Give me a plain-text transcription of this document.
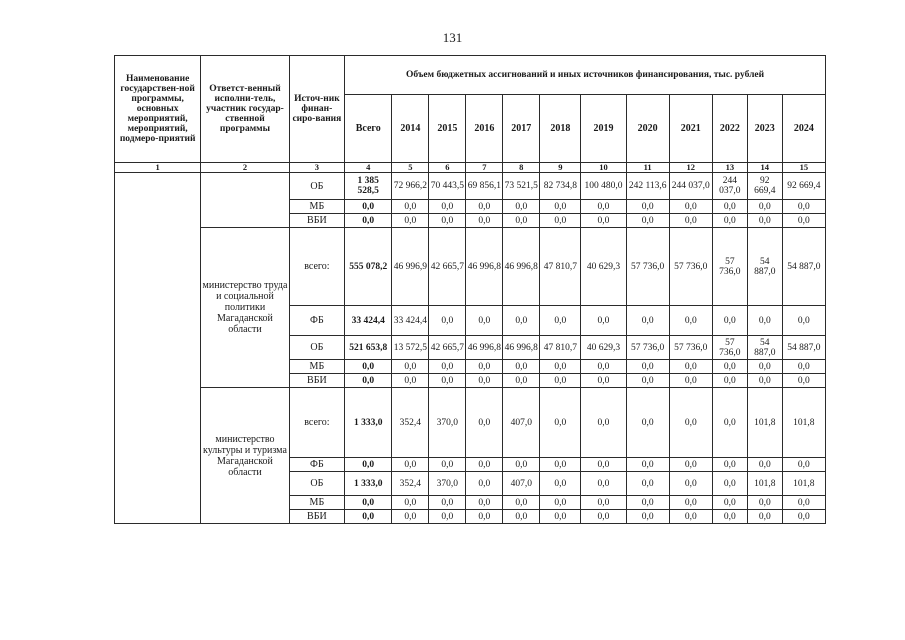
131
Наименование государствен-ной программы, основных мероприятий, мероприятий, подмеро-приятий	Ответст-венный исполни-тель, участник государ-ственной программы	Источ-ник финан-сиро-вания	Объем бюджетных ассигнований и иных источников финансирования, тыс. рублей											
			Всего	2014	2015	2016	2017	2018	2019	2020	2021	2022	2023	2024
1	2	3	4	5	6	7	8	9	10	11	12	13	14	15
		ОБ	1 385 528,5	72 966,2	70 443,5	69 856,1	73 521,5	82 734,8	100 480,0	242 113,6	244 037,0	244 037,0	92 669,4	92 669,4
		МБ	0,0	0,0	0,0	0,0	0,0	0,0	0,0	0,0	0,0	0,0	0,0	0,0
		ВБИ	0,0	0,0	0,0	0,0	0,0	0,0	0,0	0,0	0,0	0,0	0,0	0,0
	министерство труда и социальной политики Магаданской области	всего:	555 078,2	46 996,9	42 665,7	46 996,8	46 996,8	47 810,7	40 629,3	57 736,0	57 736,0	57 736,0	54 887,0	54 887,0
		ФБ	33 424,4	33 424,4	0,0	0,0	0,0	0,0	0,0	0,0	0,0	0,0	0,0	0,0
		ОБ	521 653,8	13 572,5	42 665,7	46 996,8	46 996,8	47 810,7	40 629,3	57 736,0	57 736,0	57 736,0	54 887,0	54 887,0
		МБ	0,0	0,0	0,0	0,0	0,0	0,0	0,0	0,0	0,0	0,0	0,0	0,0
		ВБИ	0,0	0,0	0,0	0,0	0,0	0,0	0,0	0,0	0,0	0,0	0,0	0,0
	министерство культуры и туризма Магаданской области	всего:	1 333,0	352,4	370,0	0,0	407,0	0,0	0,0	0,0	0,0	0,0	101,8	101,8
		ФБ	0,0	0,0	0,0	0,0	0,0	0,0	0,0	0,0	0,0	0,0	0,0	0,0
		ОБ	1 333,0	352,4	370,0	0,0	407,0	0,0	0,0	0,0	0,0	0,0	101,8	101,8
		МБ	0,0	0,0	0,0	0,0	0,0	0,0	0,0	0,0	0,0	0,0	0,0	0,0
		ВБИ	0,0	0,0	0,0	0,0	0,0	0,0	0,0	0,0	0,0	0,0	0,0	0,0
